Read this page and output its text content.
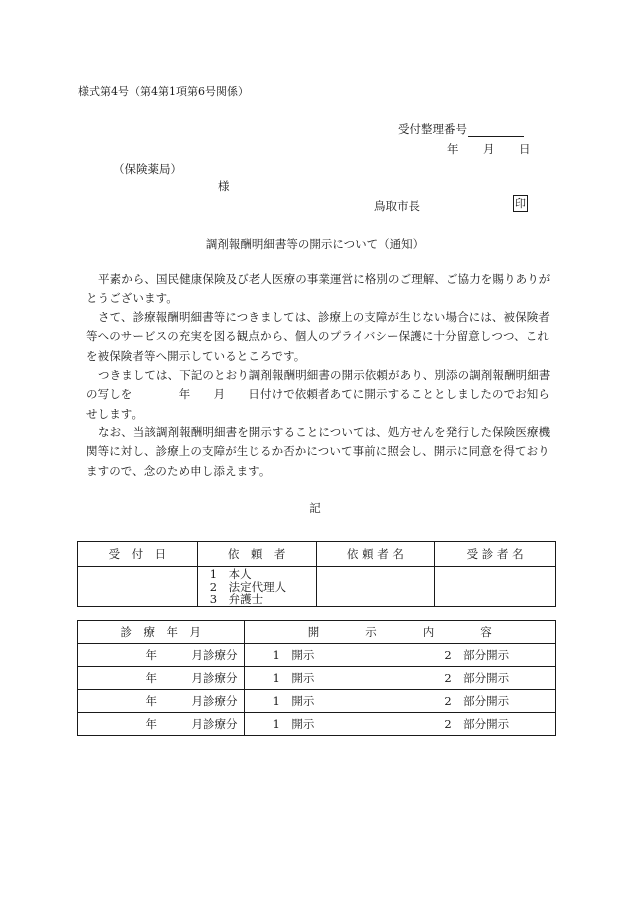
様式第4号（第4第1項第6号関係）
受付整理番号
年 月 日
（保険薬局）
様
鳥取市長	印
調剤報酬明細書等の開示について（通知）
平素から、国民健康保険及び老人医療の事業運営に格別のご理解、ご協力を賜りありがとうございます。
さて、診療報酬明細書等につきましては、診療上の支障が生じない場合には、被保険者等へのサービスの充実を図る観点から、個人のプライバシー保護に十分留意しつつ、これを被保険者等へ開示しているところです。
つきましては、下記のとおり調剤報酬明細書の開示依頼があり、別添の調剤報酬明細書の写しを　　　　年　　月　　日付けで依頼者あてに開示することとしましたのでお知らせします。
なお、当該調剤報酬明細書を開示することについては、処方せんを発行した保険医療機関等に対し、診療上の支障が生じるか否かについて事前に照会し、開示に同意を得ておりますので、念のため申し添えます。
記
受　付　日	依　頼　者	依 頼 者 名	受 診 者 名

	1　本人
2　法定代理人
3　弁護士		

診　療　年　月	開　　　　示　　　　内　　　　容
年　　　月診療分	1　開示 2　部分開示
年　　　月診療分	1　開示 2　部分開示
年　　　月診療分	1　開示 2　部分開示
年　　　月診療分	1　開示 2　部分開示
